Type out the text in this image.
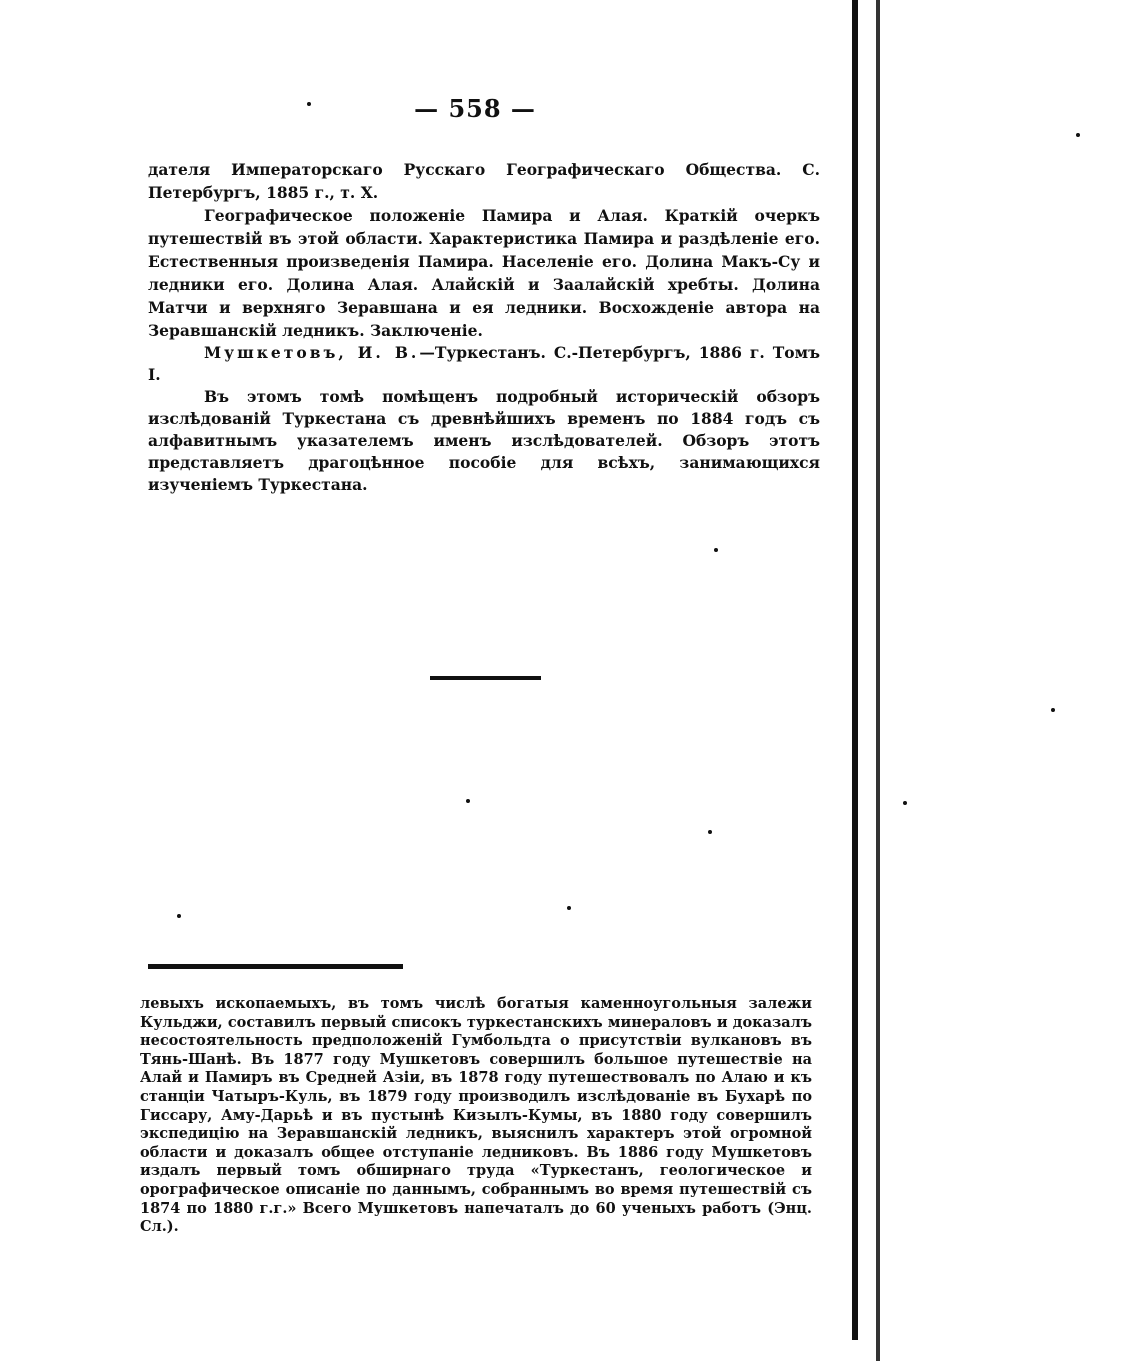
— 558 —

дателя Императорскаго Русскаго Географическаго Общества. С. Петербургъ, 1885 г., т. X.

Географическое положеніе Памира и Алая. Краткій очеркъ путешествій въ этой области. Характеристика Памира и раздѣленіе его. Естественныя произведенія Памира. Населеніе его. Долина Макъ-Су и ледники его. Долина Алая. Алайскій и Заалайскій хребты. Долина Матчи и верхняго Зеравшана и ея ледники. Восхожденіе автора на Зеравшанскій ледникъ. Заключеніе.

Мушкетовъ, И. В.—Туркестанъ. С.-Петербургъ, 1886 г. Томъ I.

Въ этомъ томѣ помѣщенъ подробный историческій обзоръ изслѣдованій Туркестана съ древнѣйшихъ временъ по 1884 годъ съ алфавитнымъ указателемъ именъ изслѣдователей. Обзоръ этотъ представляетъ драгоцѣнное пособіе для всѣхъ, занимающихся изученіемъ Туркестана.

левыхъ ископаемыхъ, въ томъ числѣ богатыя каменноугольныя залежи Кульджи, составилъ первый списокъ туркестанскихъ минераловъ и доказалъ несостоятельность предположеній Гумбольдта о присутствіи вулкановъ въ Тянь-Шанѣ. Въ 1877 году Мушкетовъ совершилъ большое путешествіе на Алай и Памиръ въ Средней Азіи, въ 1878 году путешествовалъ по Алаю и къ станціи Чатыръ-Куль, въ 1879 году производилъ изслѣдованіе въ Бухарѣ по Гиссару, Аму-Дарьѣ и въ пустынѣ Кизылъ-Кумы, въ 1880 году совершилъ экспедицію на Зеравшанскій ледникъ, выяснилъ характеръ этой огромной области и доказалъ общее отступаніе ледниковъ. Въ 1886 году Мушкетовъ издалъ первый томъ обширнаго труда «Туркестанъ, геологическое и орографическое описаніе по даннымъ, собраннымъ во время путешествій съ 1874 по 1880 г.г.» Всего Мушкетовъ напечаталъ до 60 ученыхъ работъ (Энц. Сл.).
